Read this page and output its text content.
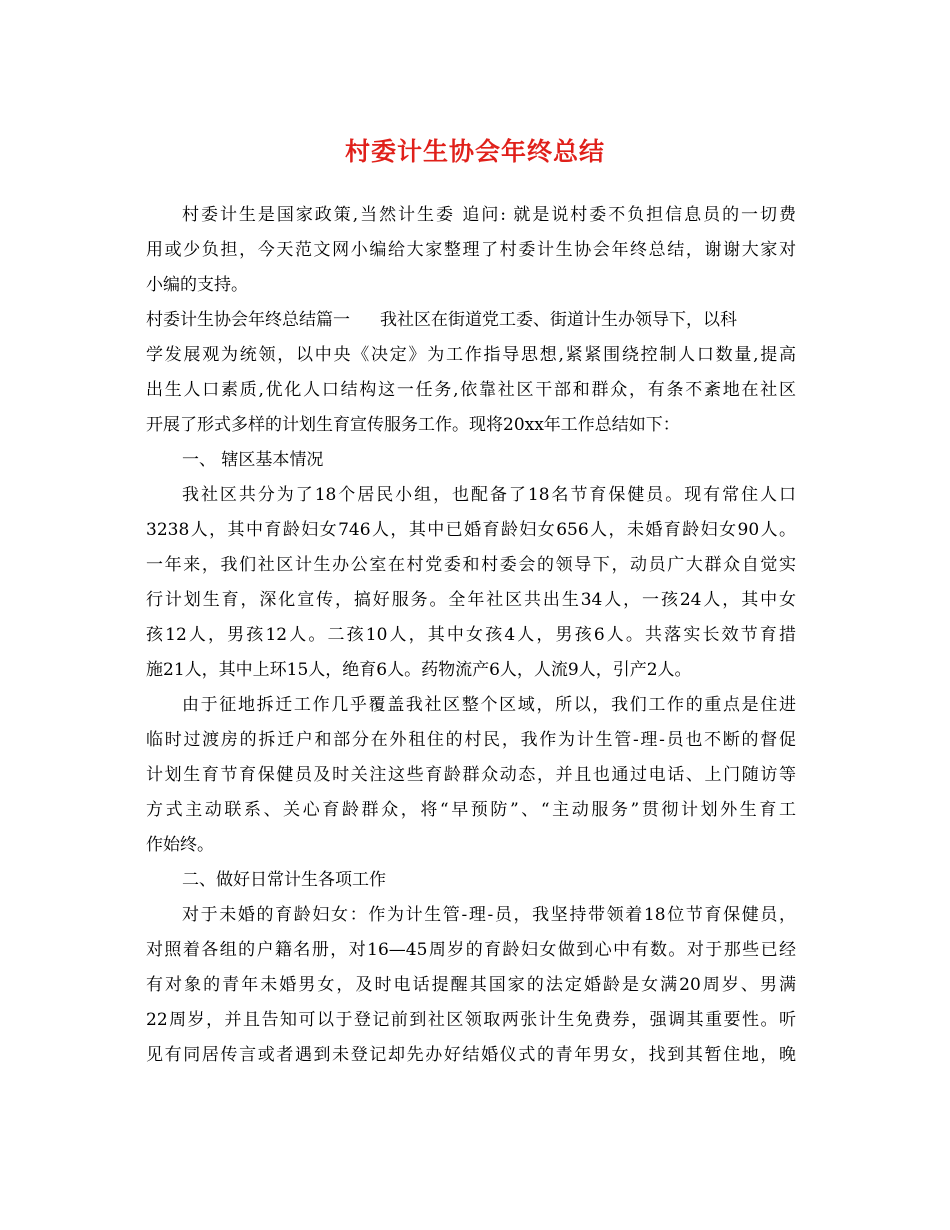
村委计生协会年终总结
村委计生是国家政策,当然计生委 追问: 就是说村委不负担信息员的一切费
用或少负担，今天范文网小编给大家整理了村委计生协会年终总结，谢谢大家对
小编的支持。
村委计生协会年终总结篇一 我社区在街道党工委、街道计生办领导下，以科
学发展观为统领，以中央《决定》为工作指导思想,紧紧围绕控制人口数量,提高
出生人口素质,优化人口结构这一任务,依靠社区干部和群众，有条不紊地在社区
开展了形式多样的计划生育宣传服务工作。现将20xx年工作总结如下：
一、 辖区基本情况
我社区共分为了18个居民小组，也配备了18名节育保健员。现有常住人口
3238人，其中育龄妇女746人，其中已婚育龄妇女656人，未婚育龄妇女90人。
一年来，我们社区计生办公室在村党委和村委会的领导下，动员广大群众自觉实
行计划生育，深化宣传，搞好服务。全年社区共出生34人，一孩24人，其中女
孩12人，男孩12人。二孩10人，其中女孩4人，男孩6人。共落实长效节育措
施21人，其中上环15人，绝育6人。药物流产6人，人流9人，引产2人。
由于征地拆迁工作几乎覆盖我社区整个区域，所以，我们工作的重点是住进
临时过渡房的拆迁户和部分在外租住的村民，我作为计生管-理-员也不断的督促
计划生育节育保健员及时关注这些育龄群众动态，并且也通过电话、上门随访等
方式主动联系、关心育龄群众，将“早预防”、“主动服务”贯彻计划外生育工
作始终。
二、做好日常计生各项工作
对于未婚的育龄妇女：作为计生管-理-员，我坚持带领着18位节育保健员，
对照着各组的户籍名册，对16—45周岁的育龄妇女做到心中有数。对于那些已经
有对象的青年未婚男女，及时电话提醒其国家的法定婚龄是女满20周岁、男满
22周岁，并且告知可以于登记前到社区领取两张计生免费券，强调其重要性。听
见有同居传言或者遇到未登记却先办好结婚仪式的青年男女，找到其暂住地，晚
